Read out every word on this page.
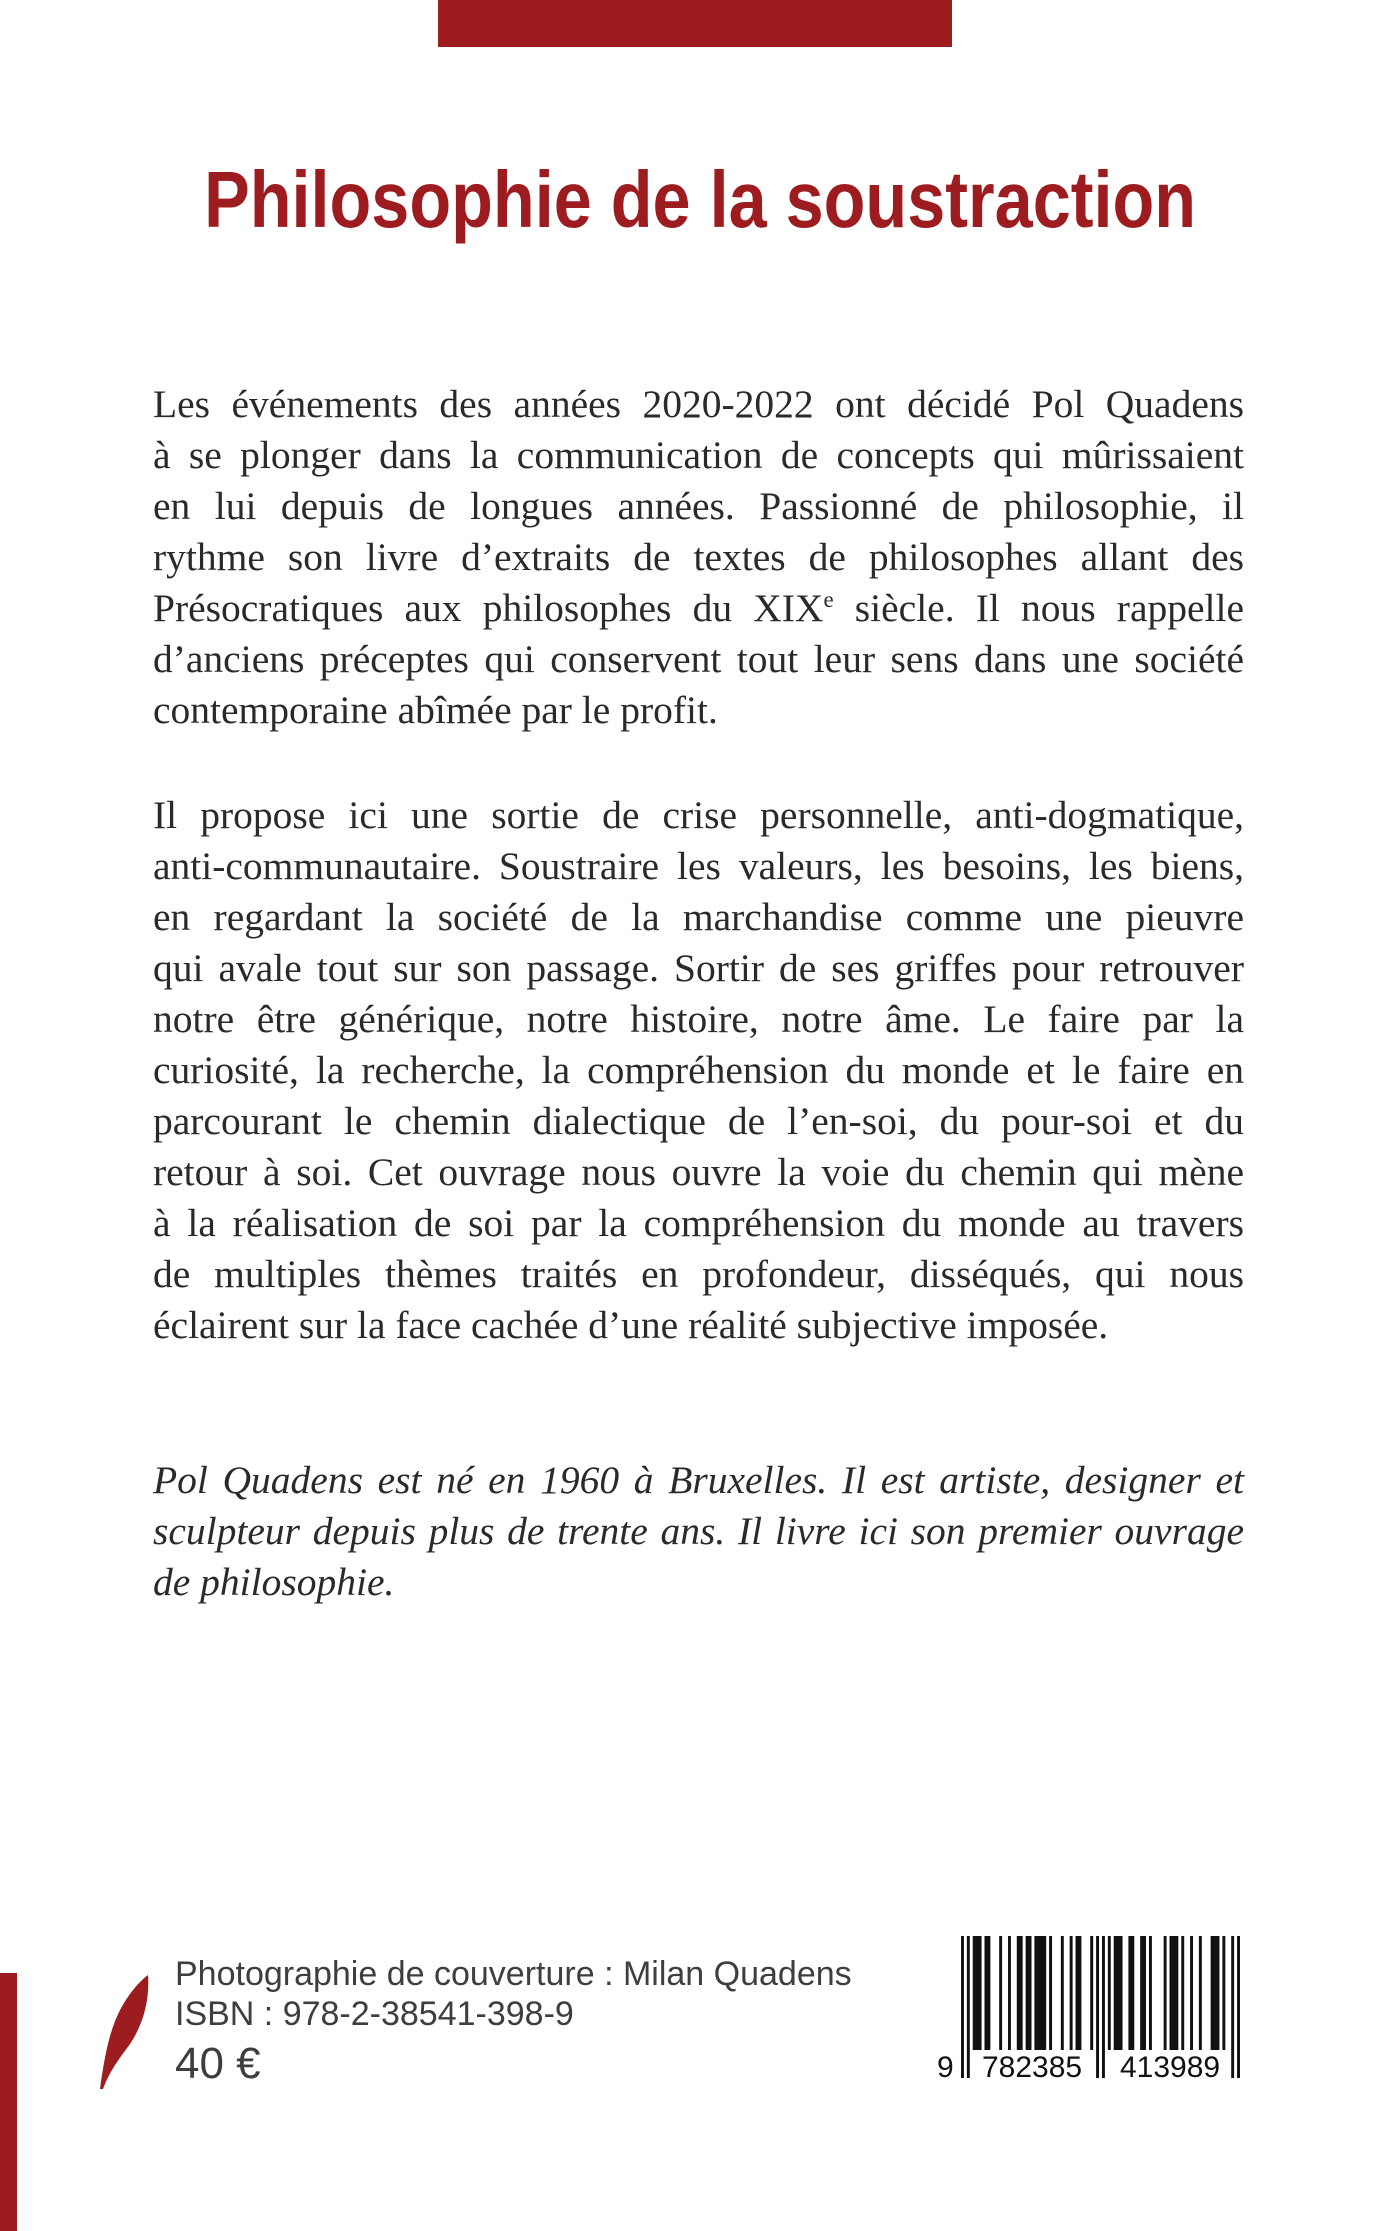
Philosophie de la soustraction
Les événements des années 2020-2022 ont décidé Pol Quadens
à se plonger dans la communication de concepts qui mûrissaient
en lui depuis de longues années. Passionné de philosophie, il
rythme son livre d’extraits de textes de philosophes allant des
Présocratiques aux philosophes du XIXe siècle. Il nous rappelle
d’anciens préceptes qui conservent tout leur sens dans une société
contemporaine abîmée par le profit.
Il propose ici une sortie de crise personnelle, anti-dogmatique,
anti-communautaire. Soustraire les valeurs, les besoins, les biens,
en regardant la société de la marchandise comme une pieuvre
qui avale tout sur son passage. Sortir de ses griffes pour retrouver
notre être générique, notre histoire, notre âme. Le faire par la
curiosité, la recherche, la compréhension du monde et le faire en
parcourant le chemin dialectique de l’en-soi, du pour-soi et du
retour à soi. Cet ouvrage nous ouvre la voie du chemin qui mène
à la réalisation de soi par la compréhension du monde au travers
de multiples thèmes traités en profondeur, disséqués, qui nous
éclairent sur la face cachée d’une réalité subjective imposée.
Pol Quadens est né en 1960 à Bruxelles. Il est artiste, designer et
sculpteur depuis plus de trente ans. Il livre ici son premier ouvrage
de philosophie.
Photographie de couverture : Milan Quadens
ISBN : 978-2-38541-398-9
40 €	9 782385 413989
